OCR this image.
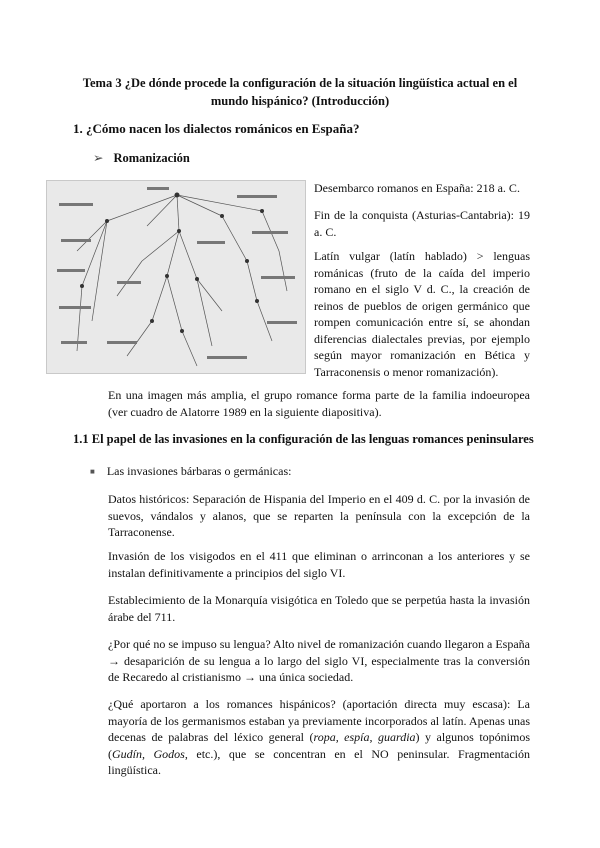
Tema 3 ¿De dónde procede la configuración de la situación lingüística actual en el mundo hispánico? (Introducción)
1. ¿Cómo nacen los dialectos románicos en España?
➢ Romanización
Desembarco romanos en España: 218 a. C.
Fin de la conquista (Asturias-Cantabria): 19 a. C.
Latín vulgar (latín hablado) > lenguas románicas (fruto de la caída del imperio romano en el siglo V d. C., la creación de reinos de pueblos de origen germánico que rompen comunicación entre sí, se ahondan diferencias dialectales previas, por ejemplo según mayor romanización en Bética y Tarraconensis o menor romanización).
En una imagen más amplia, el grupo romance forma parte de la familia indoeuropea (ver cuadro de Alatorre 1989 en la siguiente diapositiva).
1.1 El papel de las invasiones en la configuración de las lenguas romances peninsulares
■ Las invasiones bárbaras o germánicas:
Datos históricos: Separación de Hispania del Imperio en el 409 d. C. por la invasión de suevos, vándalos y alanos, que se reparten la península con la excepción de la Tarraconense.
Invasión de los visigodos en el 411 que eliminan o arrinconan a los anteriores y se instalan definitivamente a principios del siglo VI.
Establecimiento de la Monarquía visigótica en Toledo que se perpetúa hasta la invasión árabe del 711.
¿Por qué no se impuso su lengua? Alto nivel de romanización cuando llegaron a España → desaparición de su lengua a lo largo del siglo VI, especialmente tras la conversión de Recaredo al cristianismo → una única sociedad.
¿Qué aportaron a los romances hispánicos? (aportación directa muy escasa): La mayoría de los germanismos estaban ya previamente incorporados al latín. Apenas unas decenas de palabras del léxico general (ropa, espía, guardia) y algunos topónimos (Gudín, Godos, etc.), que se concentran en el NO peninsular. Fragmentación lingüística.
